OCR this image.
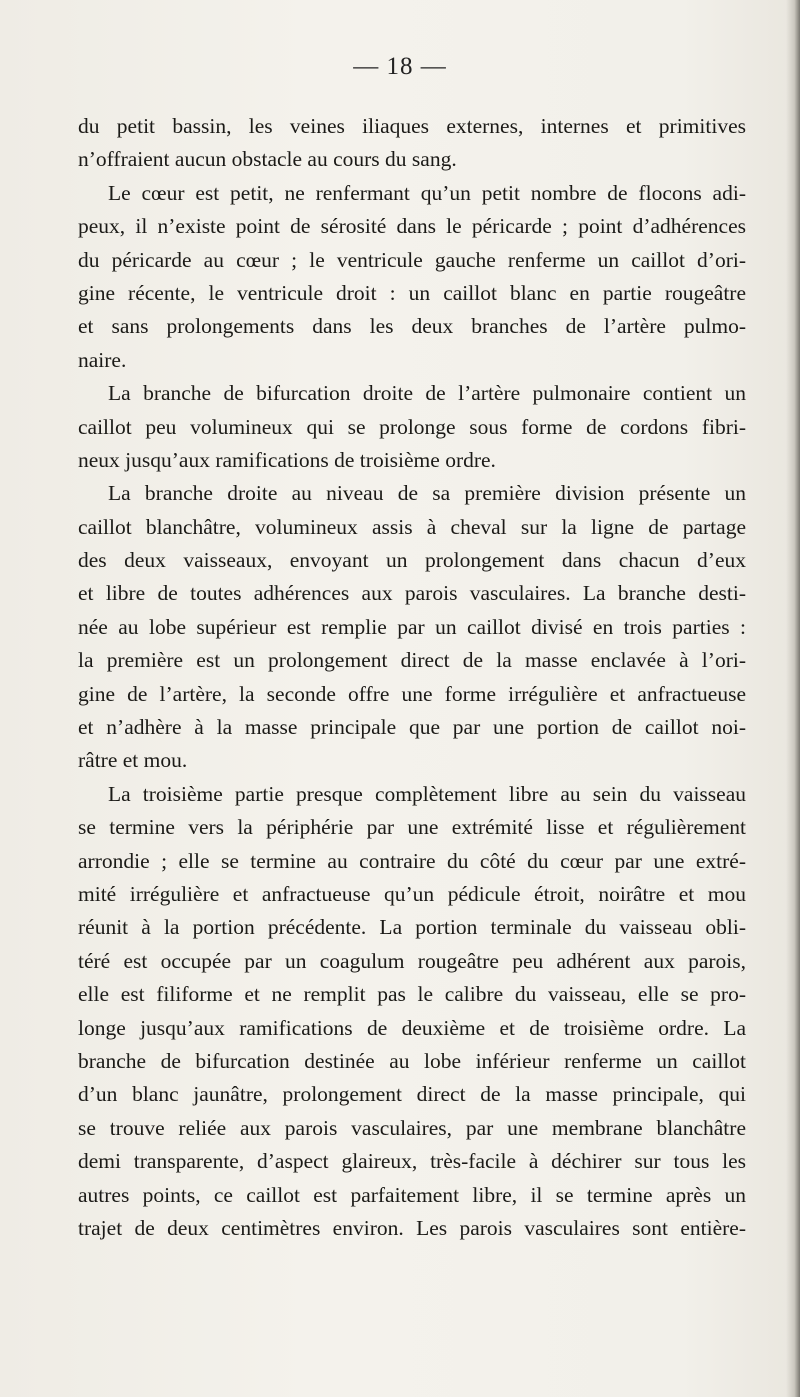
— 18 —
du petit bassin, les veines iliaques externes, internes et primitives
n’offraient aucun obstacle au cours du sang.
Le cœur est petit, ne renfermant qu’un petit nombre de flocons adi-
peux, il n’existe point de sérosité dans le péricarde ; point d’adhérences
du péricarde au cœur ; le ventricule gauche renferme un caillot d’ori-
gine récente, le ventricule droit : un caillot blanc en partie rougeâtre
et sans prolongements dans les deux branches de l’artère pulmo-
naire.
La branche de bifurcation droite de l’artère pulmonaire contient un
caillot peu volumineux qui se prolonge sous forme de cordons fibri-
neux jusqu’aux ramifications de troisième ordre.
La branche droite au niveau de sa première division présente un
caillot blanchâtre, volumineux assis à cheval sur la ligne de partage
des deux vaisseaux, envoyant un prolongement dans chacun d’eux
et libre de toutes adhérences aux parois vasculaires. La branche desti-
née au lobe supérieur est remplie par un caillot divisé en trois parties :
la première est un prolongement direct de la masse enclavée à l’ori-
gine de l’artère, la seconde offre une forme irrégulière et anfractueuse
et n’adhère à la masse principale que par une portion de caillot noi-
râtre et mou.
La troisième partie presque complètement libre au sein du vaisseau
se termine vers la périphérie par une extrémité lisse et régulièrement
arrondie ; elle se termine au contraire du côté du cœur par une extré-
mité irrégulière et anfractueuse qu’un pédicule étroit, noirâtre et mou
réunit à la portion précédente. La portion terminale du vaisseau obli-
téré est occupée par un coagulum rougeâtre peu adhérent aux parois,
elle est filiforme et ne remplit pas le calibre du vaisseau, elle se pro-
longe jusqu’aux ramifications de deuxième et de troisième ordre. La
branche de bifurcation destinée au lobe inférieur renferme un caillot
d’un blanc jaunâtre, prolongement direct de la masse principale, qui
se trouve reliée aux parois vasculaires, par une membrane blanchâtre
demi transparente, d’aspect glaireux, très-facile à déchirer sur tous les
autres points, ce caillot est parfaitement libre, il se termine après un
trajet de deux centimètres environ. Les parois vasculaires sont entière-
